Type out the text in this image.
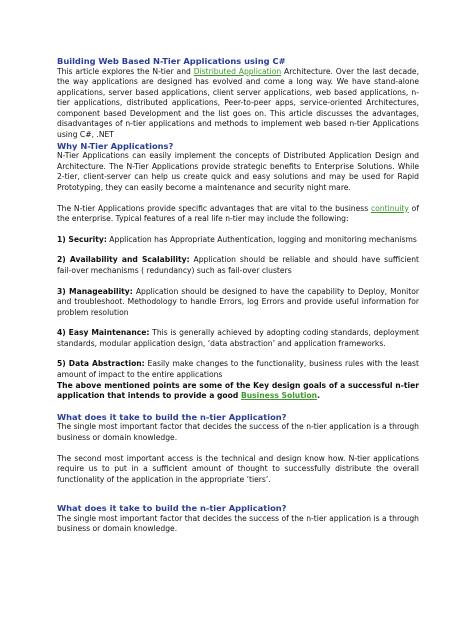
Building Web Based N-Tier Applications using C#

This article explores the N-tier and Distributed Application Architecture. Over the last decade, the way applications are designed has evolved and come a long way. We have stand-alone applications, server based applications, client server applications, web based applications, n-tier applications, distributed applications, Peer-to-peer apps, service-oriented Architectures, component based Development and the list goes on. This article discusses the advantages, disadvantages of n-tier applications and methods to implement web based n-tier Applications using C#, .NET

Why N-Tier Applications?

N-Tier Applications can easily implement the concepts of Distributed Application Design and Architecture. The N-Tier Applications provide strategic benefits to Enterprise Solutions. While 2-tier, client-server can help us create quick and easy solutions and may be used for Rapid Prototyping, they can easily become a maintenance and security night mare.

The N-tier Applications provide specific advantages that are vital to the business continuity of the enterprise. Typical features of a real life n-tier may include the following:

1) Security: Application has Appropriate Authentication, logging and monitoring mechanisms

2) Availability and Scalability: Application should be reliable and should have sufficient fail-over mechanisms ( redundancy) such as fail-over clusters

3) Manageability: Application should be designed to have the capability to Deploy, Monitor and troubleshoot. Methodology to handle Errors, log Errors and provide useful information for problem resolution

4) Easy Maintenance: This is generally achieved by adopting coding standards, deployment standards, modular application design, ‘data abstraction’ and application frameworks.

5) Data Abstraction: Easily make changes to the functionality, business rules with the least amount of impact to the entire applications

The above mentioned points are some of the Key design goals of a successful n-tier application that intends to provide a good Business Solution.

What does it take to build the n-tier Application?

The single most important factor that decides the success of the n-tier application is a through business or domain knowledge.

The second most important access is the technical and design know how. N-tier applications require us to put in a sufficient amount of thought to successfully distribute the overall functionality of the application in the appropriate ‘tiers’.

What does it take to build the n-tier Application?

The single most important factor that decides the success of the n-tier application is a through business or domain knowledge.
